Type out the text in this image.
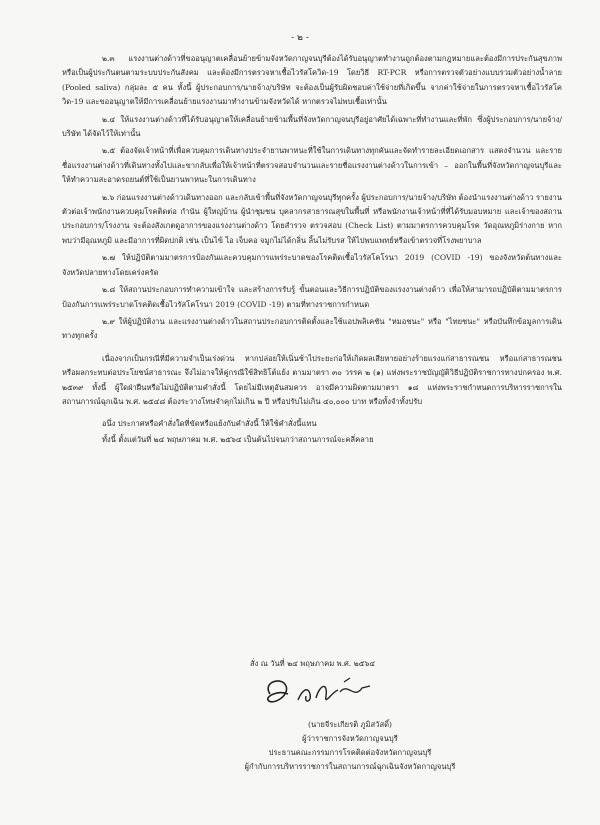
- ๒ -

๒.๓ แรงงานต่างด้าวที่ขออนุญาตเคลื่อนย้ายข้ามจังหวัดกาญจนบุรีต้องได้รับอนุญาตทำงานถูกต้องตามกฎหมายและต้องมีการประกันสุขภาพ หรือเป็นผู้ประกันตนตามระบบประกันสังคม และต้องมีการตรวจหาเชื้อไวรัสโควิด-19 โดยวิธี RT-PCR หรือการตรวจตัวอย่างแบบรวมตัวอย่างน้ำลาย (Pooled saliva) กลุ่มละ ๕ คน ทั้งนี้ ผู้ประกอบการ/นายจ้าง/บริษัท จะต้องเป็นผู้รับผิดชอบค่าใช้จ่ายที่เกิดขึ้น จากค่าใช้จ่ายในการตรวจหาเชื้อไวรัสโควิด-19 และขออนุญาตให้มีการเคลื่อนย้ายแรงงานมาทำงานข้ามจังหวัดได้ หากตรวจไม่พบเชื้อเท่านั้น

๒.๔ ให้แรงงานต่างด้าวที่ได้รับอนุญาตให้เคลื่อนย้ายข้ามพื้นที่จังหวัดกาญจนบุรีอยู่อาศัยได้เฉพาะที่ทำงานและที่พัก ซึ่งผู้ประกอบการ/นายจ้าง/บริษัท ได้จัดไว้ให้เท่านั้น

๒.๕ ต้องจัดเจ้าหน้าที่เพื่อควบคุมการเดินทางประจำยานพาหนะที่ใช้ในการเดินทางทุกคันและจัดทำรายละเอียดเอกสาร แสดงจำนวน และรายชื่อแรงงานต่างด้าวที่เดินทางทั้งไปและขากลับเพื่อให้เจ้าหน้าที่ตรวจสอบจำนวนและรายชื่อแรงงานต่างด้าวในการเข้า – ออกในพื้นที่จังหวัดกาญจนบุรีและให้ทำความสะอาดรถยนต์ที่ใช้เป็นยานพาหนะในการเดินทาง

๒.๖ ก่อนแรงงานต่างด้าวเดินทางออก และกลับเข้าพื้นที่จังหวัดกาญจนบุรีทุกครั้ง ผู้ประกอบการ/นายจ้าง/บริษัท ต้องนำแรงงานต่างด้าว รายงานตัวต่อเจ้าพนักงานควบคุมโรคติดต่อ กำนัน ผู้ใหญ่บ้าน ผู้นำชุมชน บุคลากรสาธารณสุขในพื้นที่ หรือพนักงานเจ้าหน้าที่ที่ได้รับมอบหมาย และเจ้าของสถานประกอบการ/โรงงาน จะต้องสังเกตดูอาการของแรงงานต่างด้าว โดยสำรวจ ตรวจสอบ (Check List) ตามมาตรการควบคุมโรค วัดอุณหภูมิร่างกาย หากพบว่ามีอุณหภูมิ และมีอาการที่ผิดปกติ เช่น เป็นไข้ ไอ เจ็บคอ จมูกไม่ได้กลิ่น ลิ้นไม่รับรส ให้ไปพบแพทย์หรือเข้าตรวจที่โรงพยาบาล

๒.๗ ให้ปฏิบัติตามมาตรการป้องกันและควบคุมการแพร่ระบาดของโรคติดเชื้อไวรัสโคโรนา 2019 (COVID -19) ของจังหวัดต้นทางและจังหวัดปลายทางโดยเคร่งครัด

๒.๘ ให้สถานประกอบการทำความเข้าใจ และสร้างการรับรู้ ขั้นตอนและวิธีการปฏิบัติของแรงงานต่างด้าว เพื่อให้สามารถปฏิบัติตามมาตรการป้องกันการแพร่ระบาดโรคติดเชื้อไวรัสโคโรนา 2019 (COVID -19) ตามที่ทางราชการกำหนด

๒.๙ ให้ผู้ปฏิบัติงาน และแรงงานต่างด้าวในสถานประกอบการติดตั้งและใช้แอปพลิเคชัน "หมอชนะ" หรือ "ไทยชนะ" หรือบันทึกข้อมูลการเดินทางทุกครั้ง

เนื่องจากเป็นกรณีที่มีความจำเป็นเร่งด่วน หากปล่อยให้เนิ่นช้าไประยะก่อให้เกิดผลเสียหายอย่างร้ายแรงแก่สาธารณชน หรือแก่สาธารณชน หรือผลกระทบต่อประโยชน์สาธารณะ จึงไม่อาจให้คู่กรณีใช้สิทธิโต้แย้ง ตามมาตรา ๓๐ วรรค ๒ (๑) แห่งพระราชบัญญัติวิธีปฏิบัติราชการทางปกครอง พ.ศ. ๒๕๓๙ ทั้งนี้ ผู้ใดฝ่าฝืนหรือไม่ปฏิบัติตามคำสั่งนี้ โดยไม่มีเหตุอันสมควร อาจมีความผิดตามมาตรา ๑๘ แห่งพระราชกำหนดการบริหารราชการในสถานการณ์ฉุกเฉิน พ.ศ. ๒๕๔๘ ต้องระวางโทษจำคุกไม่เกิน ๒ ปี หรือปรับไม่เกิน ๔๐,๐๐๐ บาท หรือทั้งจำทั้งปรับ

อนึ่ง ประกาศหรือคำสั่งใดที่ขัดหรือแย้งกับคำสั่งนี้ ให้ใช้คำสั่งนี้แทน

ทั้งนี้ ตั้งแต่วันที่ ๒๔ พฤษภาคม พ.ศ. ๒๕๖๔ เป็นต้นไปจนกว่าสถานการณ์จะคลี่คลาย

สั่ง ณ วันที่ ๒๔ พฤษภาคม พ.ศ. ๒๕๖๔
(นายจีระเกียรติ ภูมิสวัสดิ์)
ผู้ว่าราชการจังหวัดกาญจนบุรี
ประธานคณะกรรมการโรคติดต่อจังหวัดกาญจนบุรี
ผู้กำกับการบริหารราชการในสถานการณ์ฉุกเฉินจังหวัดกาญจนบุรี
